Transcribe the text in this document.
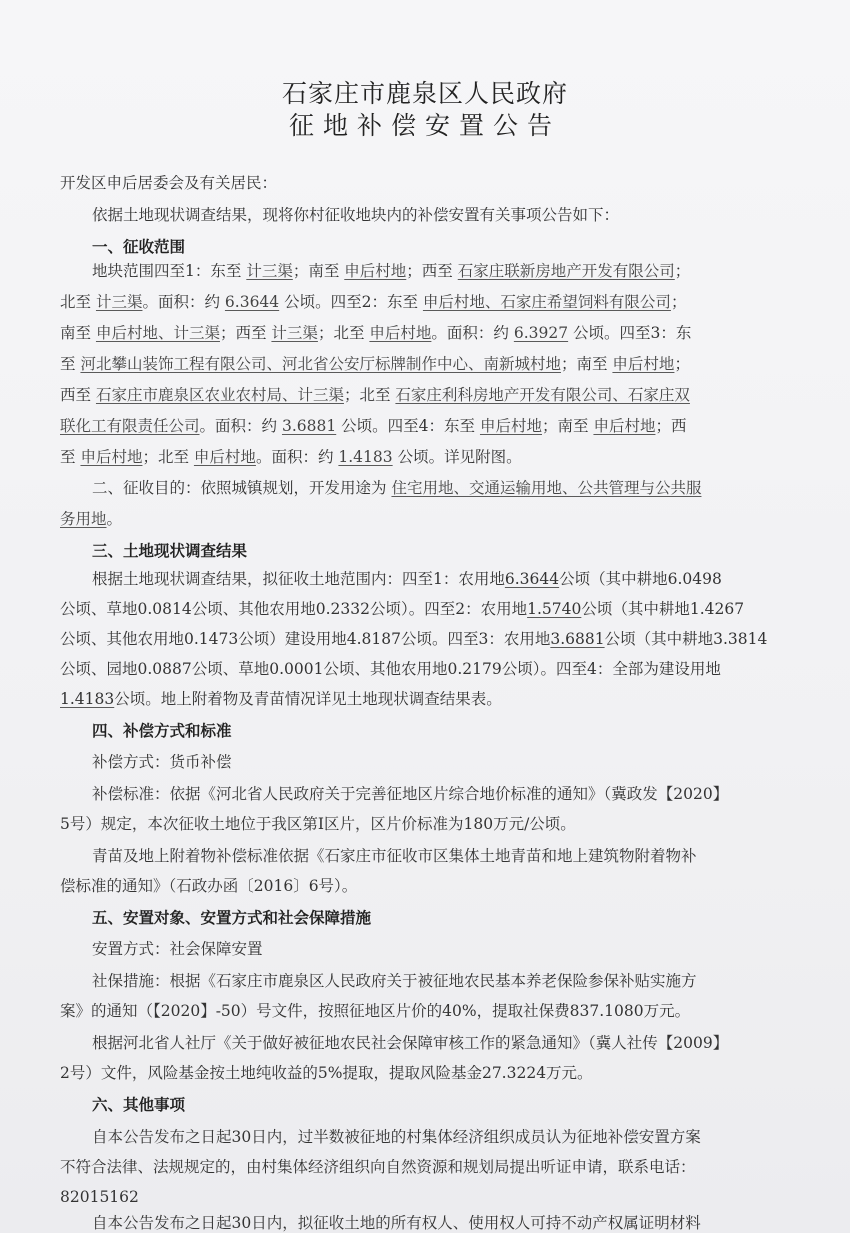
石家庄市鹿泉区人民政府
征地补偿安置公告
开发区申后居委会及有关居民：
依据土地现状调查结果，现将你村征收地块内的补偿安置有关事项公告如下：
一、征收范围
地块范围四至1：东至 计三渠；南至 申后村地；西至 石家庄联新房地产开发有限公司；
北至 计三渠。面积：约 6.3644 公顷。四至2：东至 申后村地、石家庄希望饲料有限公司；
南至 申后村地、计三渠；西至 计三渠；北至 申后村地。面积：约 6.3927 公顷。四至3：东
至 河北攀山装饰工程有限公司、河北省公安厅标牌制作中心、南新城村地；南至 申后村地；
西至 石家庄市鹿泉区农业农村局、计三渠；北至 石家庄利科房地产开发有限公司、石家庄双
联化工有限责任公司。面积：约 3.6881 公顷。四至4：东至 申后村地；南至 申后村地；西
至 申后村地；北至 申后村地。面积：约 1.4183 公顷。详见附图。
二、征收目的：依照城镇规划，开发用途为 住宅用地、交通运输用地、公共管理与公共服
务用地。
三、土地现状调查结果
根据土地现状调查结果，拟征收土地范围内：四至1：农用地6.3644公顷（其中耕地6.0498
公顷、草地0.0814公顷、其他农用地0.2332公顷）。四至2：农用地1.5740公顷（其中耕地1.4267
公顷、其他农用地0.1473公顷）建设用地4.8187公顷。四至3：农用地3.6881公顷（其中耕地3.3814
公顷、园地0.0887公顷、草地0.0001公顷、其他农用地0.2179公顷）。四至4：全部为建设用地
1.4183公顷。地上附着物及青苗情况详见土地现状调查结果表。
四、补偿方式和标准
补偿方式：货币补偿
补偿标准：依据《河北省人民政府关于完善征地区片综合地价标准的通知》（冀政发【2020】
5号）规定，本次征收土地位于我区第Ⅰ区片，区片价标准为180万元/公顷。
青苗及地上附着物补偿标准依据《石家庄市征收市区集体土地青苗和地上建筑物附着物补
偿标准的通知》（石政办函〔2016〕6号）。
五、安置对象、安置方式和社会保障措施
安置方式：社会保障安置
社保措施：根据《石家庄市鹿泉区人民政府关于被征地农民基本养老保险参保补贴实施方
案》的通知（【2020】-50）号文件，按照征地区片价的40%，提取社保费837.1080万元。
根据河北省人社厅《关于做好被征地农民社会保障审核工作的紧急通知》（冀人社传【2009】
2号）文件，风险基金按土地纯收益的5%提取，提取风险基金27.3224万元。
六、其他事项
自本公告发布之日起30日内，过半数被征地的村集体经济组织成员认为征地补偿安置方案
不符合法律、法规规定的，由村集体经济组织向自然资源和规划局提出听证申请，联系电话：
82015162
自本公告发布之日起30日内，拟征收土地的所有权人、使用权人可持不动产权属证明材料
